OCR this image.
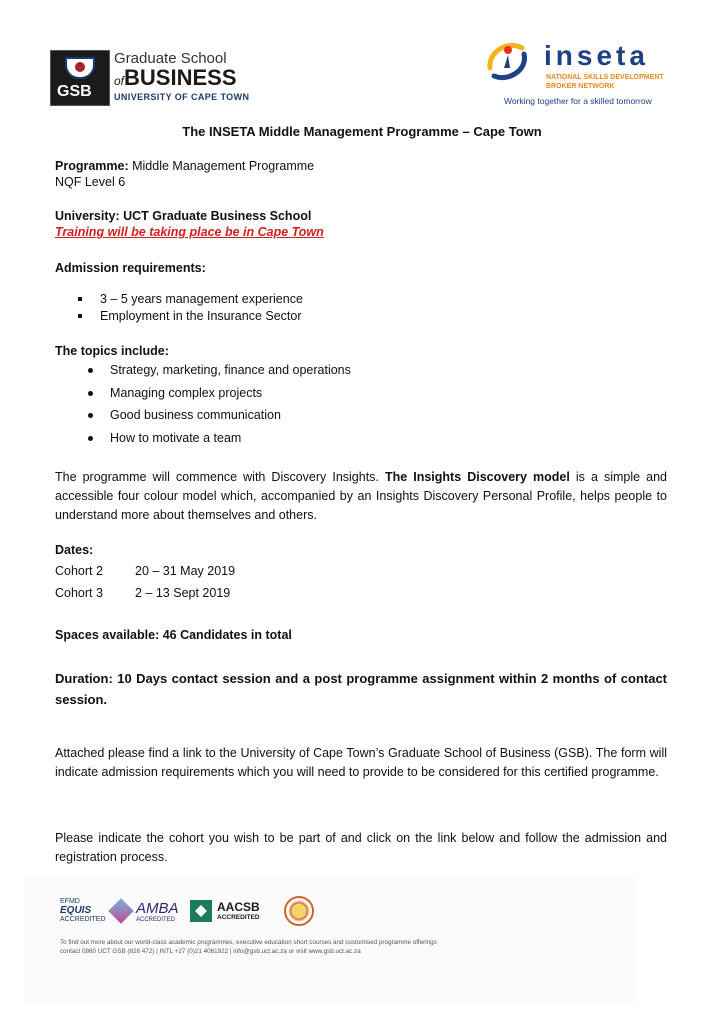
GSB
Graduate School
ofBUSINESS
UNIVERSITY OF CAPE TOWN
inseta
NATIONAL SKILLS DEVELOPMENT
BROKER NETWORK
Working together for a skilled tomorrow
The INSETA Middle Management Programme – Cape Town
Programme: Middle Management Programme
NQF Level 6
University: UCT Graduate Business School
Training will be taking place be in Cape Town
Admission requirements:
3 – 5 years management experience
Employment in the Insurance Sector
The topics include:
Strategy, marketing, finance and operations
Managing complex projects
Good business communication
How to motivate a team
The programme will commence with Discovery Insights. The Insights Discovery model is a simple and accessible four colour model which, accompanied by an Insights Discovery Personal Profile, helps people to understand more about themselves and others.
Dates:
Cohort 2	20 – 31 May 2019
Cohort 3	2 – 13 Sept 2019
Spaces available: 46 Candidates in total
Duration: 10 Days contact session and a post programme assignment within 2 months of contact session.
Attached please find a link to the University of Cape Town’s Graduate School of Business (GSB). The form will indicate admission requirements which you will need to provide to be considered for this certified programme.
Please indicate the cohort you wish to be part of and click on the link below and follow the admission and registration process.
EFMD
EQUIS
ACCREDITED
AMBA
ACCREDITED
AACSB
ACCREDITED
To find out more about our world-class academic programmes, executive education short courses and customised programme offerings contact 0860 UCT GSB (828 472) | INTL +27 (0)21 4061922 | info@gsb.uct.ac.za or visit www.gsb.uct.ac.za
